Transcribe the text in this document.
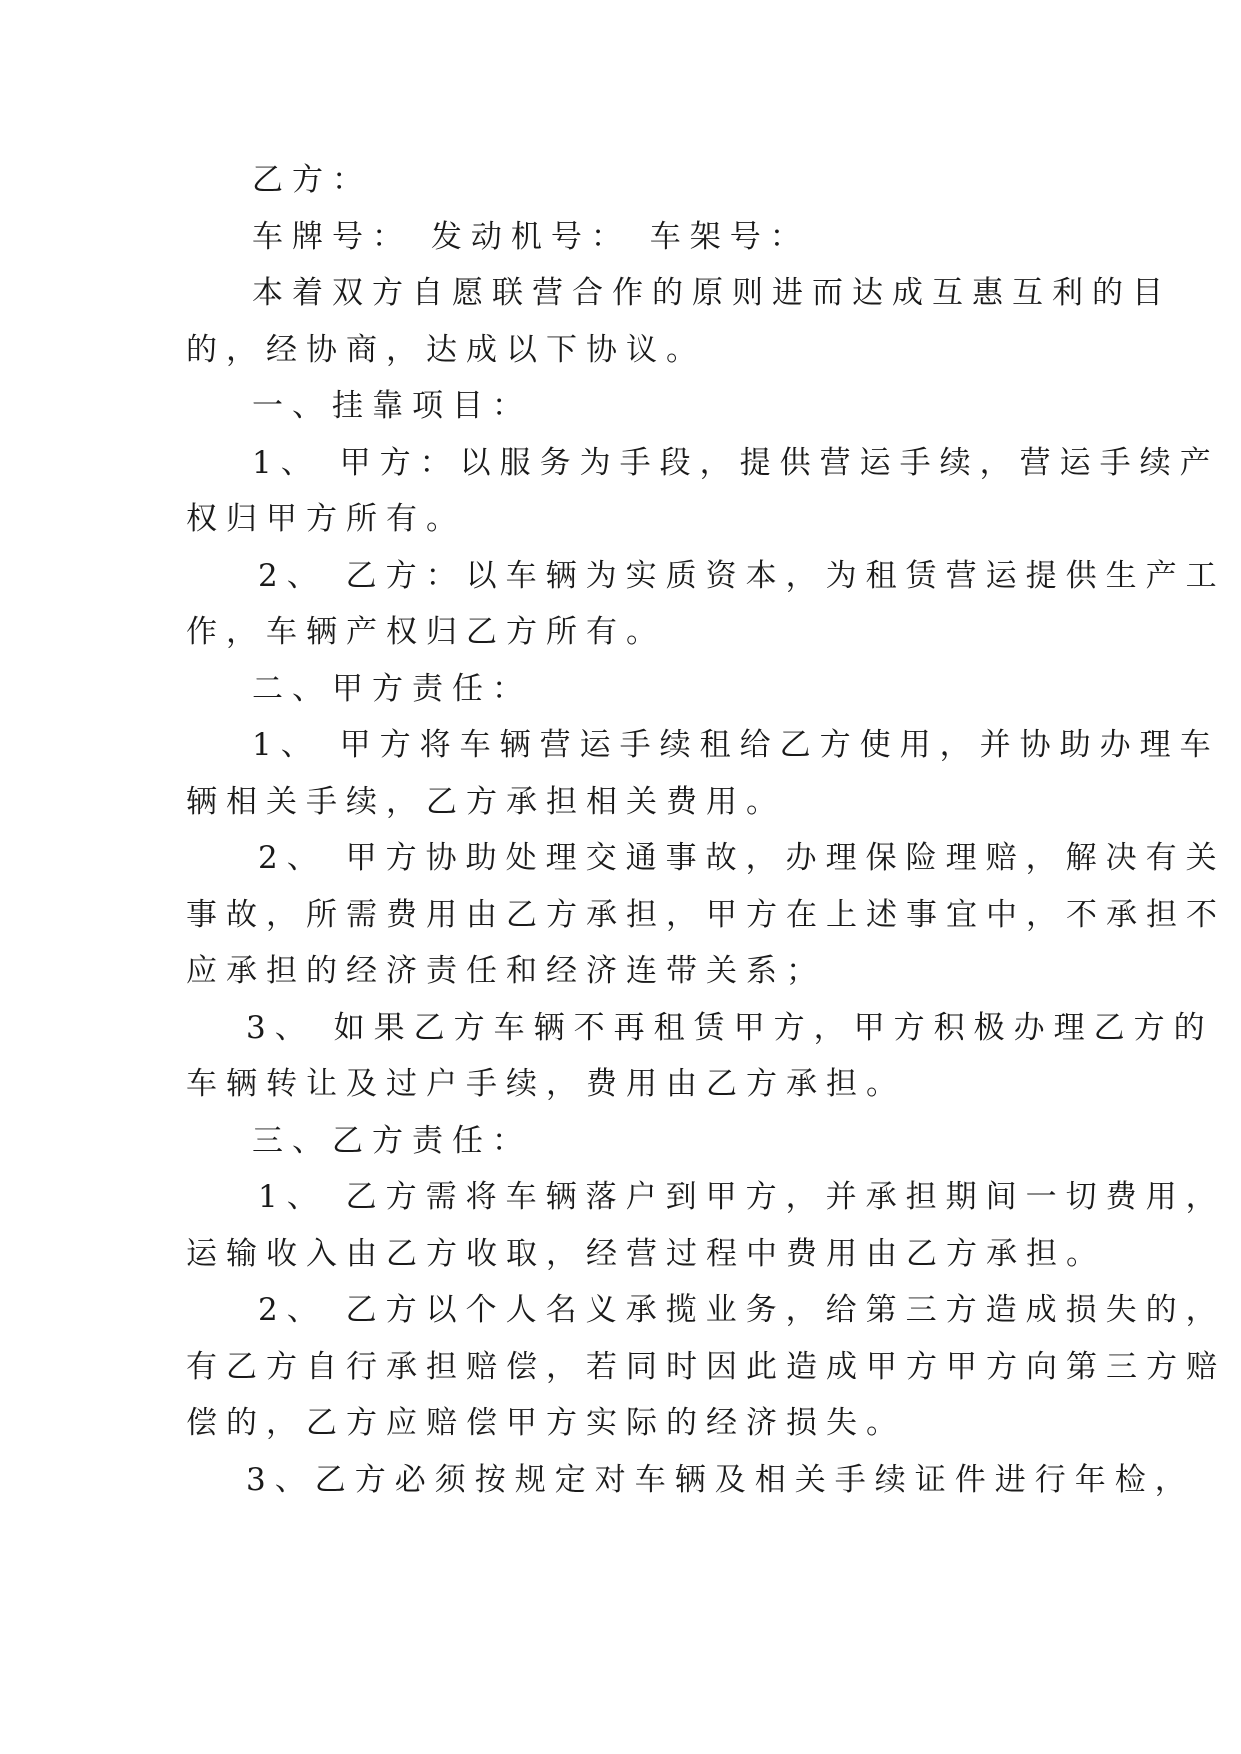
乙方：
车牌号： 发动机号： 车架号：
本着双方自愿联营合作的原则进而达成互惠互利的目
的，经协商，达成以下协议。
一、挂靠项目：
1、 甲方：以服务为手段，提供营运手续，营运手续产
权归甲方所有。
2、 乙方：以车辆为实质资本，为租赁营运提供生产工
作，车辆产权归乙方所有。
二、甲方责任：
1、 甲方将车辆营运手续租给乙方使用，并协助办理车
辆相关手续，乙方承担相关费用。
2、 甲方协助处理交通事故，办理保险理赔，解决有关
事故，所需费用由乙方承担，甲方在上述事宜中，不承担不
应承担的经济责任和经济连带关系；
3、 如果乙方车辆不再租赁甲方，甲方积极办理乙方的
车辆转让及过户手续，费用由乙方承担。
三、乙方责任：
1、 乙方需将车辆落户到甲方，并承担期间一切费用，
运输收入由乙方收取，经营过程中费用由乙方承担。
2、 乙方以个人名义承揽业务，给第三方造成损失的，
有乙方自行承担赔偿，若同时因此造成甲方甲方向第三方赔
偿的，乙方应赔偿甲方实际的经济损失。
3、乙方必须按规定对车辆及相关手续证件进行年检，
